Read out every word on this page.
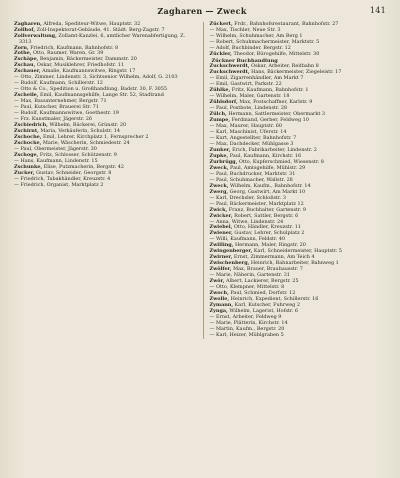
Zagharen — Zweck	141
Zagharen, Alfreda, Spediteur-Witwe, Hauptstr. 32
Zollhof, Zoll-Inspektorat-Gebäude, 41. Städt. Berg-Zagstr. 7
Zollverwaltung, Zollamt-Kanzlei, 6, amtlicher Warenabfertigung, Z. 3313
Zorn, Friedrich, Kaufmann, Bahnhofstr. 8
Zothe, Otto, Raumer, Waren, Gr. 39
Zschäpe, Benjamin, Bäckermeister, Dammstr. 20
Zschau, Oskar, Musiklehrer, Friedhofstr. 11
Zschauer, Amalie, Kaufmannswitwe, Ringstr. 17
— Otto, Zimmer, Lindenstr. 3, Sichtsenior Wilhelm, Adolf, G. 2103
— Rudolf, Kaufmann, Schillerstr. 12
— Otto & Co., Spedition u. Großhandlung, Badstr. 30, F. 3055
Zscheile, Emil, Kaufmannsgehilfe, Lange Str. 52, Stadtrand
— Max, Bauunternehmer, Bergstr. 71
— Paul, Kutscher, Brauerei Str. 71
— Rudolf, Kaufmannswitwe, Goethestr. 19
— Frz. Kunstmaler, Jägerstr. 26
Zschiedrich, Wilhelm, Bäckerei, Grünstr. 20
Zschirnt, Maria, Verkäuferin, Schulstr. 14
Zschoche, Emil, Lehrer, Kirchplatz 1, Fernsprecher 2
Zschocke, Marie, Wäscherin, Schmiedestr. 24
— Paul, Obermeister, Jägerstr. 30
Zschoge, Fritz, Schlosser, Schützenstr. 9
— Hans, Kaufmann, Lindenstr. 15
Zschunke, Elise, Putzmacherin, Bergstr. 42
Zucker, Gustav, Schneider, Georgstr. 8
— Friedrich, Tabakhändler, Kreuzstr. 4
— Friedrich, Organist, Marktplatz 2
Zückert, Frdr., Bahnhofsrestaurant, Bahnhofstr. 27
— Max, Tischler, Neue Str. 3
— Wilhelm, Schuhmacher, Am Berg 1
— Robert, Schuhmachermeister, Marktstr. 5
— Adolf, Buchbinder, Bergstr. 12
Zückler, Theodor, Bürogehilfe, Mittelstr. 30
Zückner Buchhandlung
Zuckschwerdt, Oskar, Arbeiter, Reitbahn 8
Zuckschwerdt, Hans, Bäckermeister, Ziegeleistr. 17
— Emil, Zigarrenhändler, Am Markt 7
— Emil, Gastwirt, Parkstr. 22
Zühlke, Fritz, Kaufmann, Bahnhofstr. 1
— Wilhelm, Maler, Gartenstr. 18
Zühlsdorf, Max, Postschaffner, Karlstr. 9
— Paul, Postbote, Lindenstr. 28
Zülch, Hermann, Sattlermeister, Obermarkt 3
Zumpe, Ferdinand, Gerber, Feldweg 10
— Max, Maurer, Hauptstr. 60
— Karl, Maschinist, Uferstr. 14
— Kurt, Angestellter, Bahnhofstr. 7
— Max, Dachdecker, Mühlgasse 3
Zunker, Erich, Fabrikarbeiter, Lindenstr. 2
Zupke, Paul, Kaufmann, Kirchstr. 16
Zurbrügg, Otto, Kupferschmied, Wiesenstr. 8
Zweck, Paul, Amtsgehilfe, Mühlstr. 29
— Paul, Buchdrucker, Marktstr. 31
— Paul, Schuhmacher, Wallstr. 28
Zweck, Wilhelm, Kaufm., Bahnhofstr. 14
Zwerg, Georg, Gastwirt, Am Markt 10
— Karl, Drechsler, Schloßstr. 3
— Paul, Bäckermeister, Marktplatz 12
Zwick, Franz, Buchhalter, Gartenstr. 9
Zwicker, Robert, Sattler, Bergstr. 6
— Anna, Witwe, Lindenstr. 24
Zwiebel, Otto, Händler, Kreuzstr. 11
Zwiener, Gustav, Lehrer, Schulplatz 2
— Willi, Kaufmann, Feldstr. 40
Zwilling, Hermann, Maler, Ringstr. 20
Zwingenberger, Karl, Schneidermeister, Hauptstr. 5
Zwirner, Ernst, Zimmermann, Am Teich 4
Zwischenberg, Heinrich, Bahnarbeiter, Bahnweg 1
Zwölfer, Max, Brauer, Brauhausstr. 7
— Marie, Näherin, Gartenstr. 31
Zwör, Albert, Lackierer, Bergstr. 25
— Otto, Klempner, Mittelstr. 8
Zwoch, Paul, Schmied, Dorfstr. 12
Zwolle, Heinrich, Expedient, Schillerstr. 16
Zymann, Karl, Kutscher, Fuhrweg 2
Zynga, Wilhelm, Lagerist, Hofstr. 6
— Ernst, Arbeiter, Feldweg 9
— Marie, Plätterin, Kirchstr. 14
— Martin, Kaufm., Bergstr. 20
— Karl, Heizer, Mühlgraben 5
